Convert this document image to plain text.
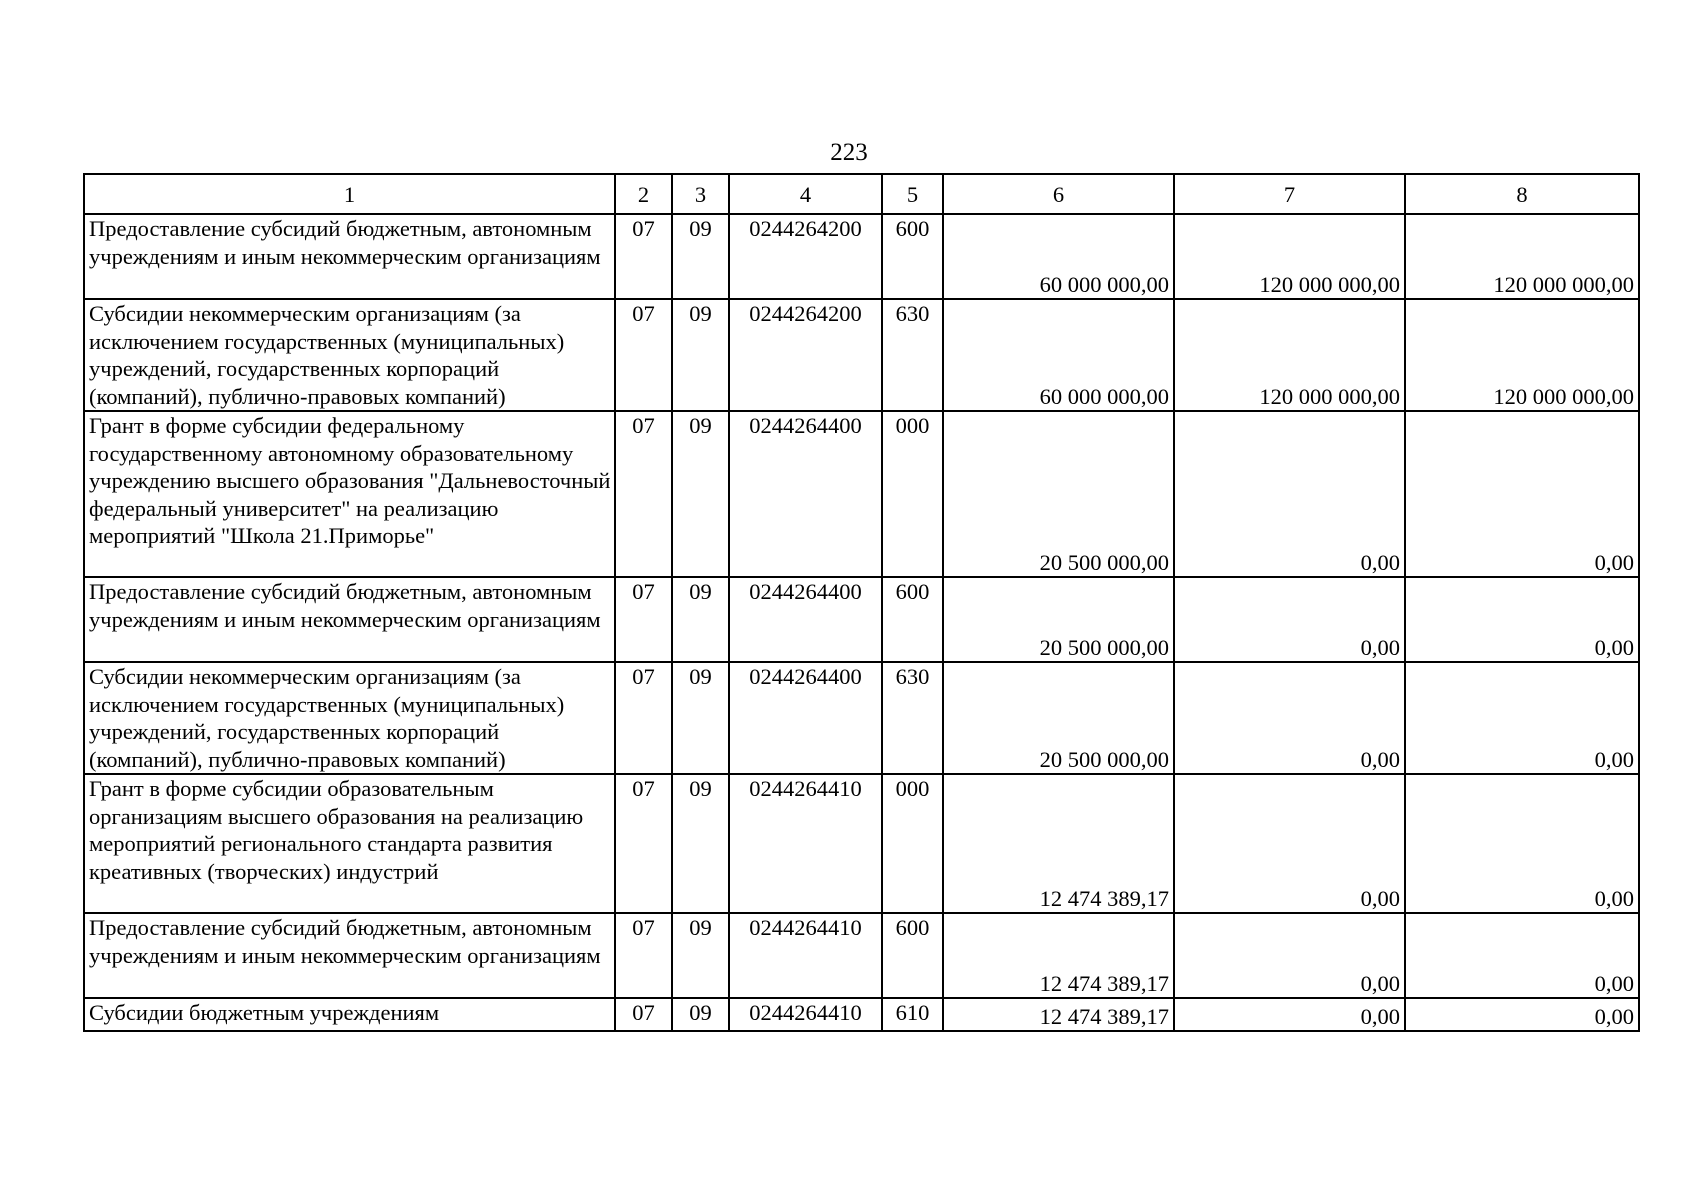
223
1	2	3	4	5	6	7	8
Предоставление субсидий бюджетным, автономным учреждениям и иным некоммерческим организациям	07	09	0244264200	600	60 000 000,00	120 000 000,00	120 000 000,00
Субсидии некоммерческим организациям (за исключением государственных (муниципальных) учреждений, государственных корпораций (компаний), публично-правовых компаний)	07	09	0244264200	630	60 000 000,00	120 000 000,00	120 000 000,00
Грант в форме субсидии федеральному государственному автономному образовательному учреждению высшего образования "Дальневосточный федеральный университет" на реализацию мероприятий "Школа 21.Приморье"	07	09	0244264400	000	20 500 000,00	0,00	0,00
Предоставление субсидий бюджетным, автономным учреждениям и иным некоммерческим организациям	07	09	0244264400	600	20 500 000,00	0,00	0,00
Субсидии некоммерческим организациям (за исключением государственных (муниципальных) учреждений, государственных корпораций (компаний), публично-правовых компаний)	07	09	0244264400	630	20 500 000,00	0,00	0,00
Грант в форме субсидии образовательным организациям высшего образования на реализацию мероприятий регионального стандарта развития креативных (творческих) индустрий	07	09	0244264410	000	12 474 389,17	0,00	0,00
Предоставление субсидий бюджетным, автономным учреждениям и иным некоммерческим организациям	07	09	0244264410	600	12 474 389,17	0,00	0,00
Субсидии бюджетным учреждениям	07	09	0244264410	610	12 474 389,17	0,00	0,00
